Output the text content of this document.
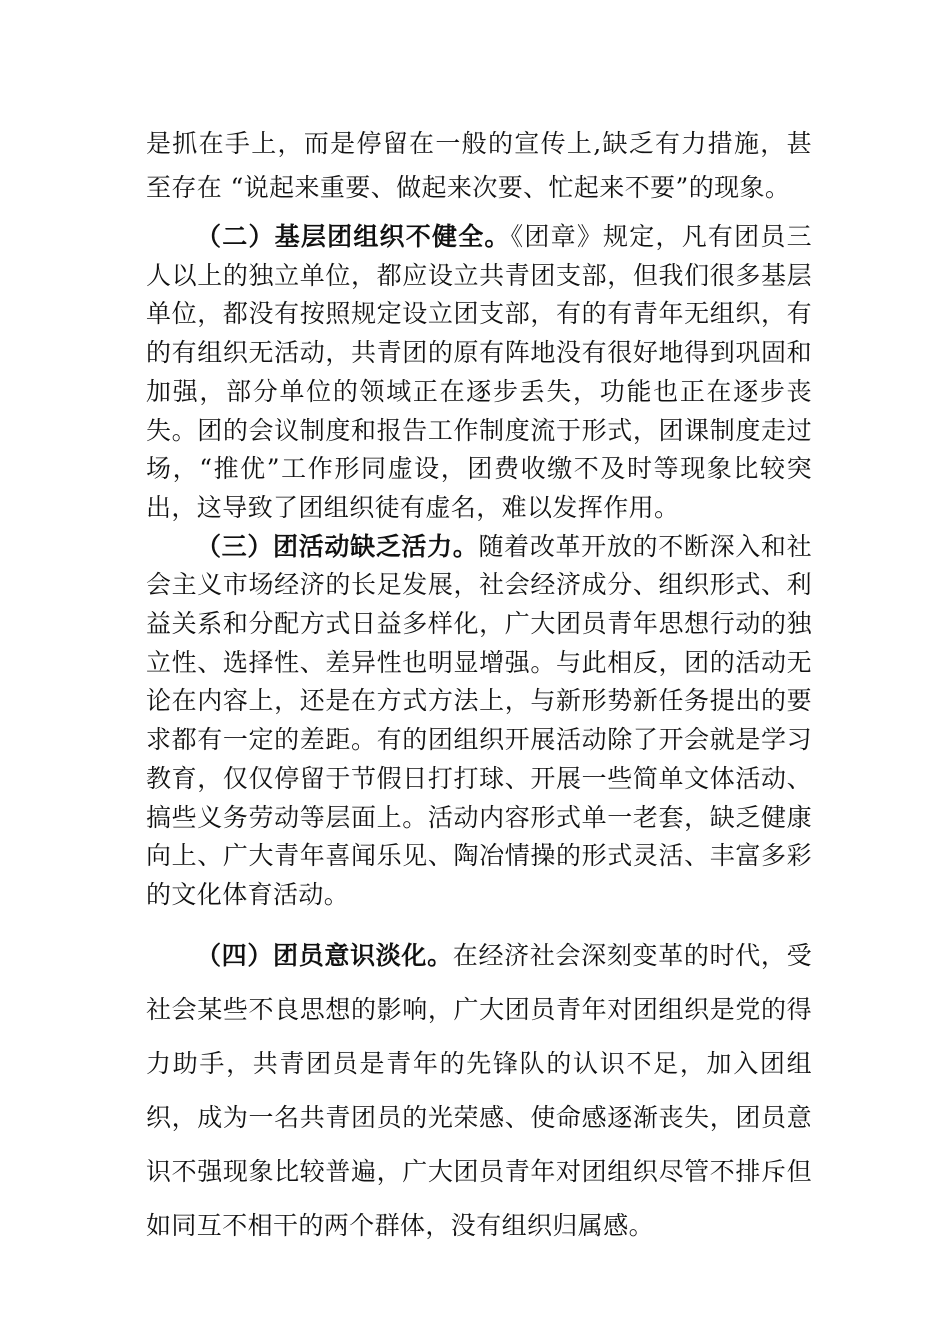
是抓在手上，而是停留在一般的宣传上,缺乏有力措施，甚至存在 “说起来重要、做起来次要、忙起来不要”的现象。

（二）基层团组织不健全。《团章》规定，凡有团员三人以上的独立单位，都应设立共青团支部，但我们很多基层单位，都没有按照规定设立团支部，有的有青年无组织，有的有组织无活动，共青团的原有阵地没有很好地得到巩固和加强，部分单位的领域正在逐步丢失，功能也正在逐步丧失。团的会议制度和报告工作制度流于形式，团课制度走过场，“推优”工作形同虚设，团费收缴不及时等现象比较突出，这导致了团组织徒有虚名，难以发挥作用。

（三）团活动缺乏活力。随着改革开放的不断深入和社会主义市场经济的长足发展，社会经济成分、组织形式、利益关系和分配方式日益多样化，广大团员青年思想行动的独立性、选择性、差异性也明显增强。与此相反，团的活动无论在内容上，还是在方式方法上，与新形势新任务提出的要求都有一定的差距。有的团组织开展活动除了开会就是学习教育，仅仅停留于节假日打打球、开展一些简单文体活动、搞些义务劳动等层面上。活动内容形式单一老套，缺乏健康向上、广大青年喜闻乐见、陶冶情操的形式灵活、丰富多彩的文化体育活动。

（四）团员意识淡化。在经济社会深刻变革的时代，受社会某些不良思想的影响，广大团员青年对团组织是党的得力助手，共青团员是青年的先锋队的认识不足，加入团组织，成为一名共青团员的光荣感、使命感逐渐丧失，团员意识不强现象比较普遍，广大团员青年对团组织尽管不排斥但如同互不相干的两个群体，没有组织归属感。
